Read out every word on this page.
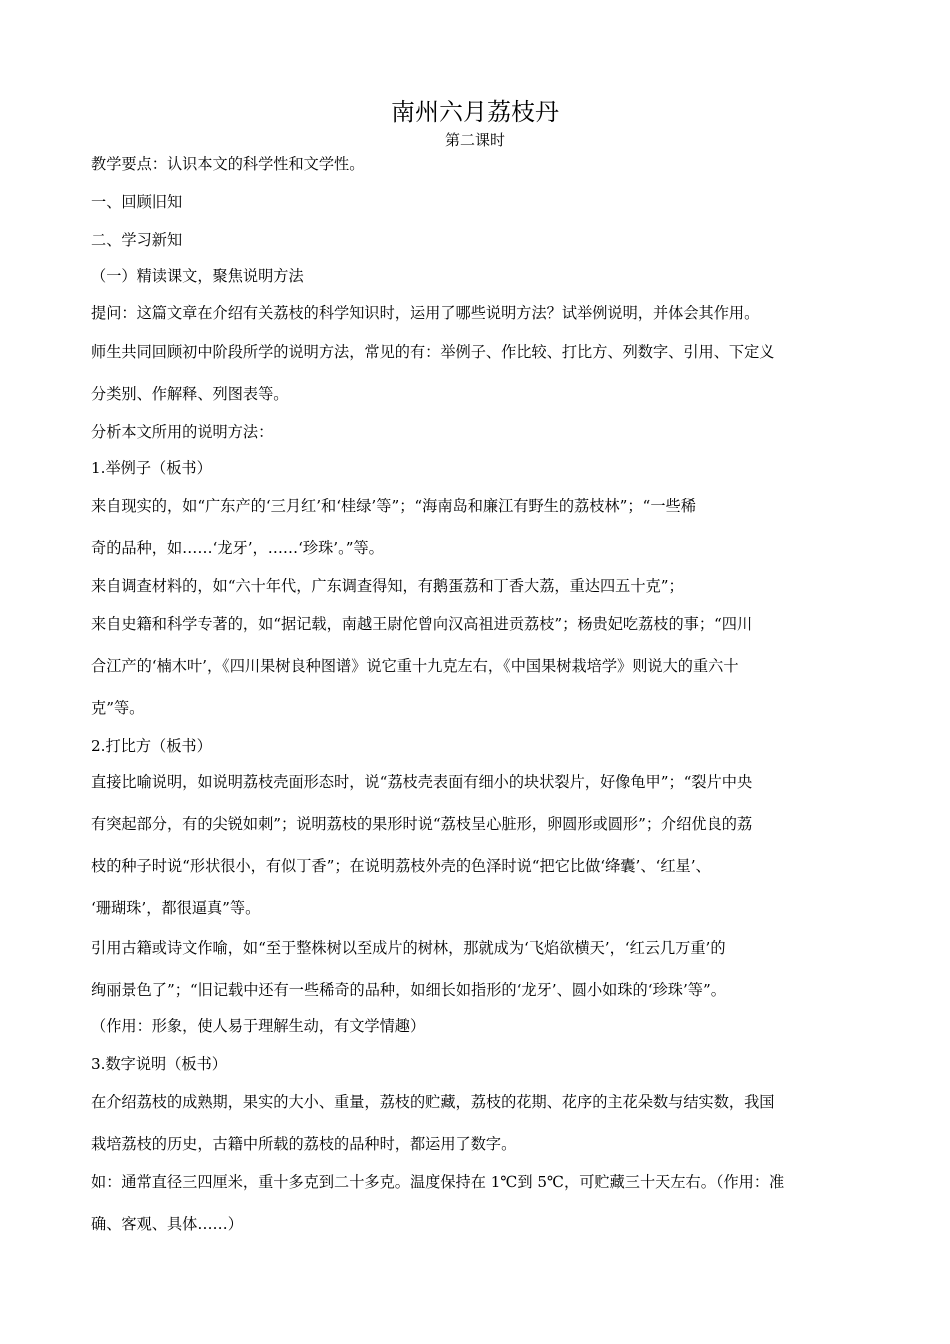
南州六月荔枝丹
第二课时
教学要点：认识本文的科学性和文学性。
一、回顾旧知
二、学习新知
（一）精读课文，聚焦说明方法
提问：这篇文章在介绍有关荔枝的科学知识时，运用了哪些说明方法？试举例说明，并体会其作用。
师生共同回顾初中阶段所学的说明方法，常见的有：举例子、作比较、打比方、列数字、引用、下定义
分类别、作解释、列图表等。
分析本文所用的说明方法：
1.举例子（板书）
来自现实的，如“广东产的‘三月红’和‘桂绿’等”；“海南岛和廉江有野生的荔枝林”；“一些稀
奇的品种，如……‘龙牙’，……‘珍珠’。”等。
来自调查材料的，如“六十年代，广东调查得知，有鹅蛋荔和丁香大荔，重达四五十克”；
来自史籍和科学专著的，如“据记载，南越王尉佗曾向汉高祖进贡荔枝”；杨贵妃吃荔枝的事；“四川
合江产的‘楠木叶’，《四川果树良种图谱》说它重十九克左右，《中国果树栽培学》则说大的重六十
克”等。
2.打比方（板书）
直接比喻说明，如说明荔枝壳面形态时，说“荔枝壳表面有细小的块状裂片，好像龟甲”；“裂片中央
有突起部分，有的尖锐如刺”；说明荔枝的果形时说“荔枝呈心脏形，卵圆形或圆形”；介绍优良的荔
枝的种子时说“形状很小，有似丁香”；在说明荔枝外壳的色泽时说“把它比做‘绛囊’、‘红星’、
‘珊瑚珠’，都很逼真”等。
引用古籍或诗文作喻，如“至于整株树以至成片的树林，那就成为‘飞焰欲横天’，‘红云几万重’的
绚丽景色了”；“旧记载中还有一些稀奇的品种，如细长如指形的‘龙牙’、圆小如珠的‘珍珠’等”。
（作用：形象，使人易于理解生动，有文学情趣）
3.数字说明（板书）
在介绍荔枝的成熟期，果实的大小、重量，荔枝的贮藏，荔枝的花期、花序的主花朵数与结实数，我国
栽培荔枝的历史，古籍中所载的荔枝的品种时，都运用了数字。
如：通常直径三四厘米，重十多克到二十多克。温度保持在 1℃到 5℃，可贮藏三十天左右。（作用：准
确、客观、具体……）
